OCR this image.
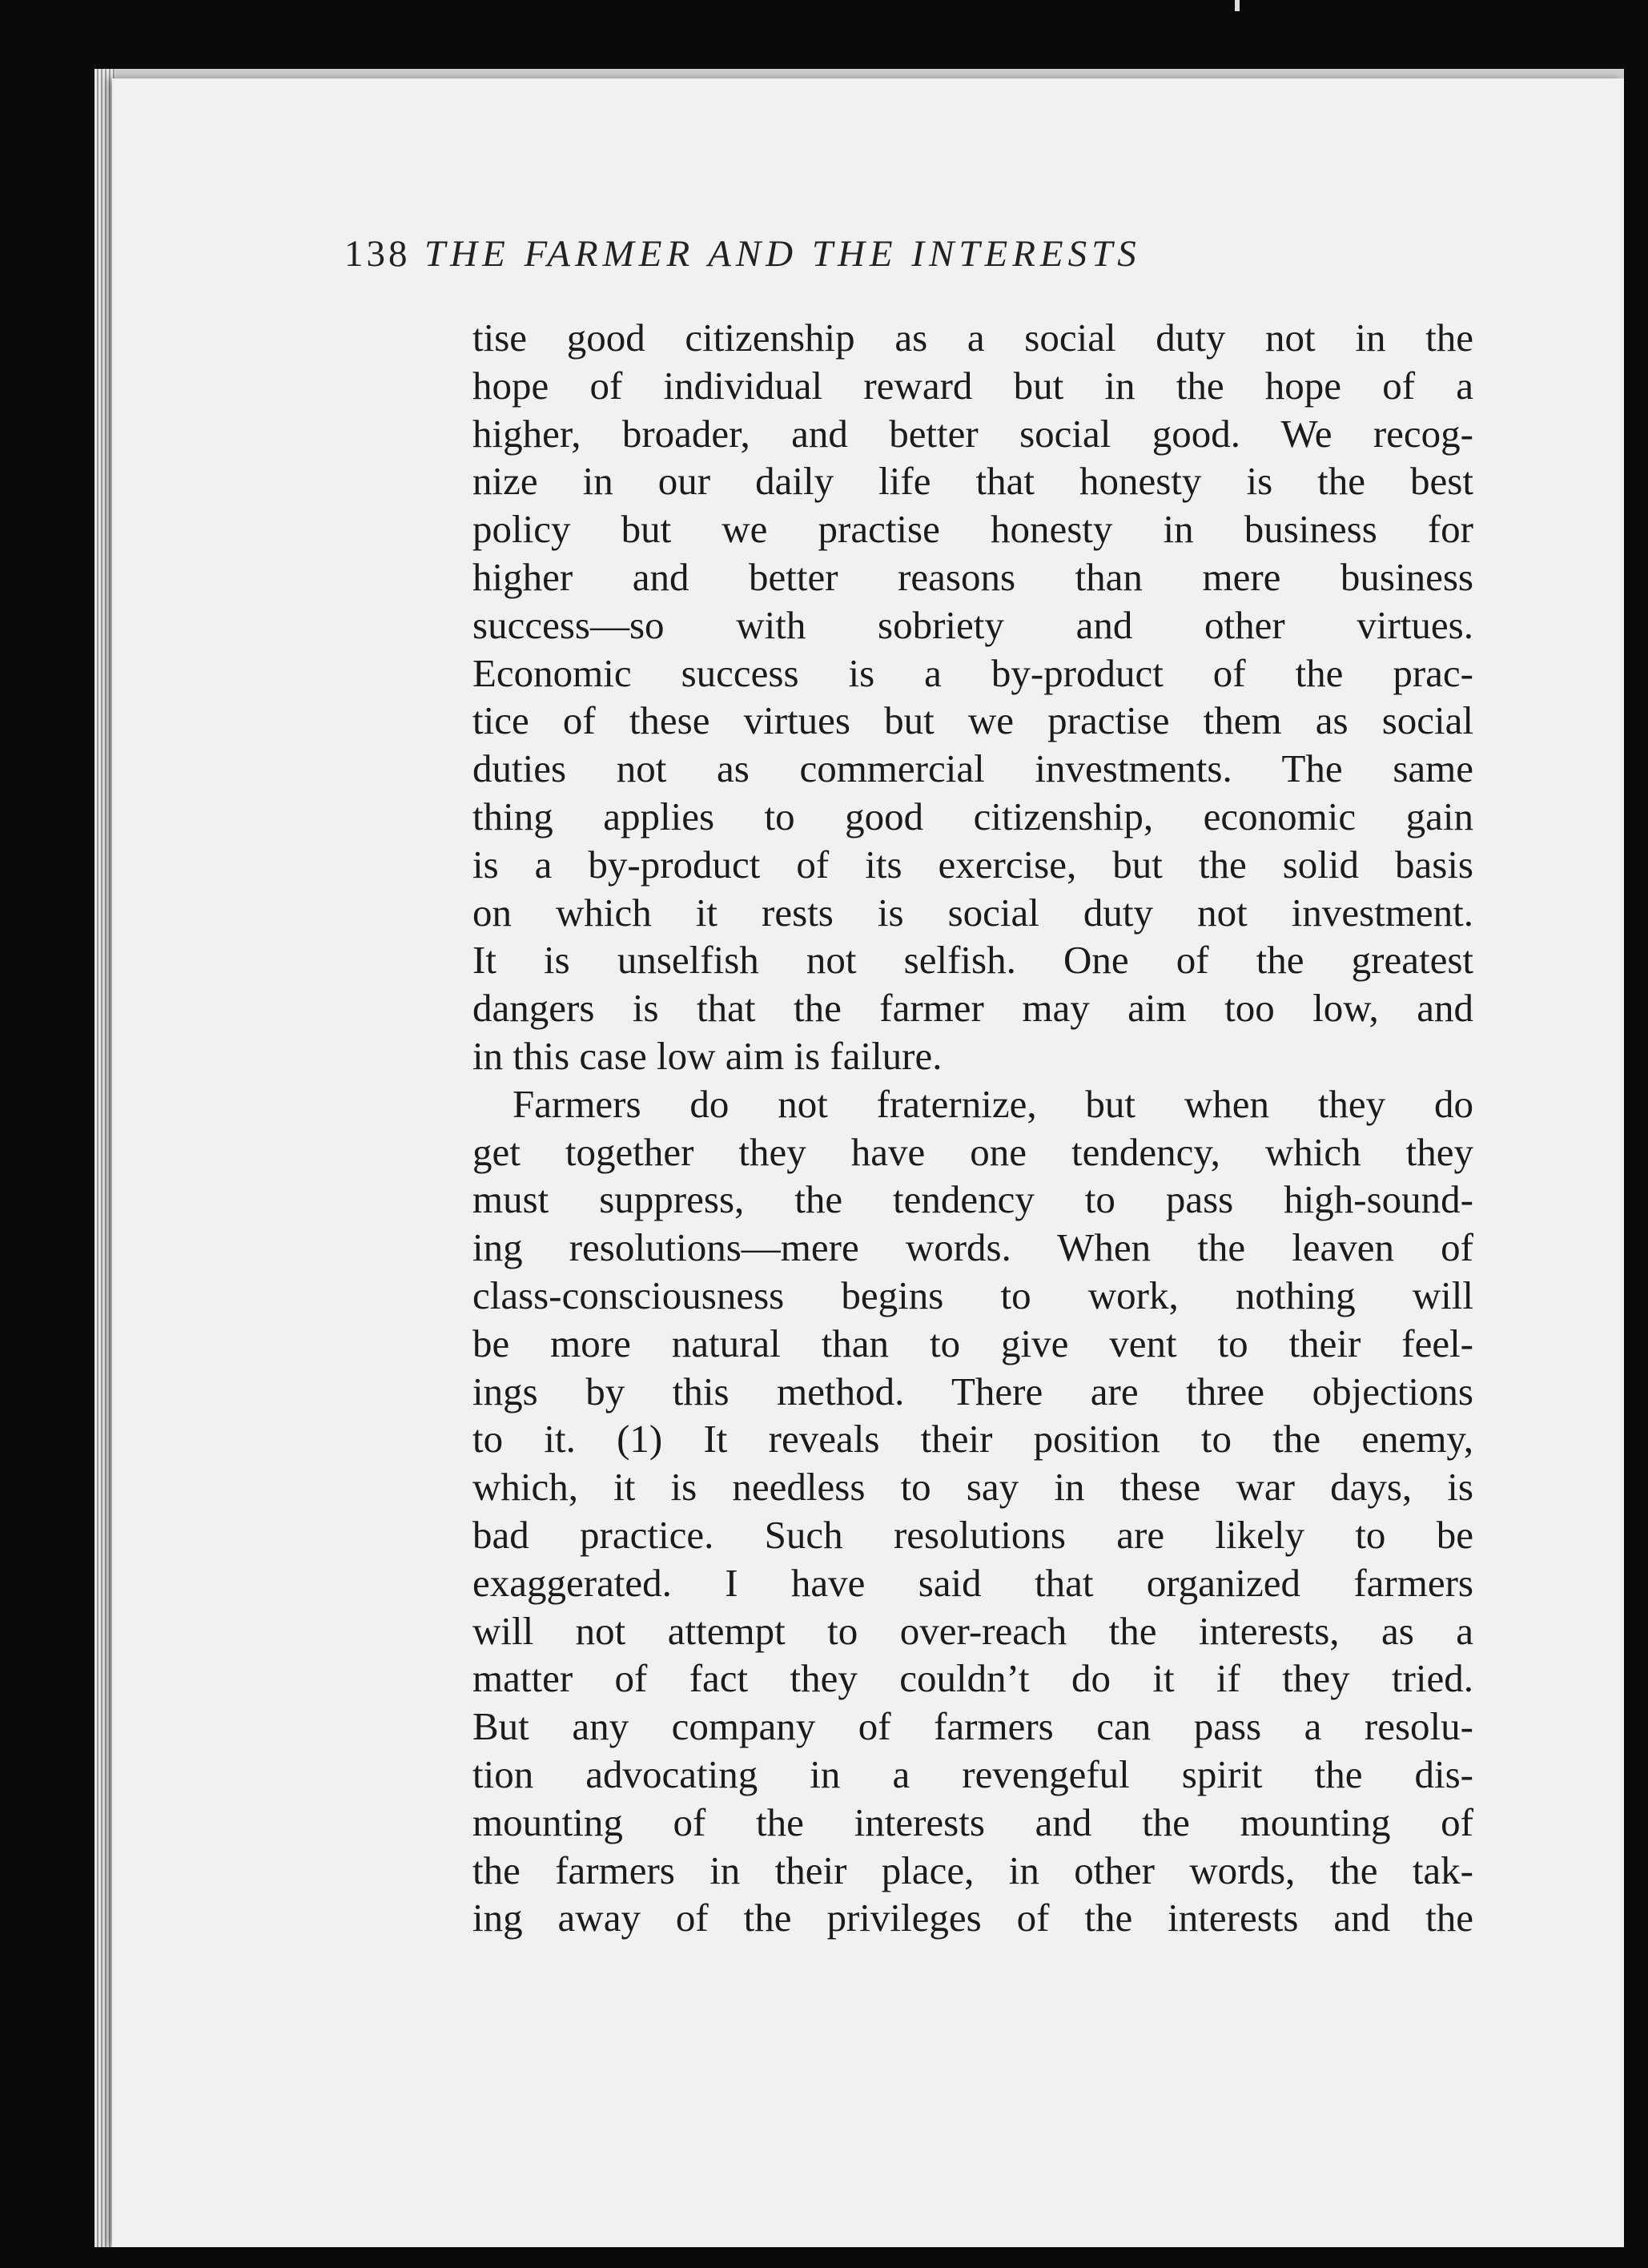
138 THE FARMER AND THE INTERESTS
tise good citizenship as a social duty not in the
hope of individual reward but in the hope of a
higher, broader, and better social good. We recog-
nize in our daily life that honesty is the best
policy but we practise honesty in business for
higher and better reasons than mere business
success—so with sobriety and other virtues.
Economic success is a by-product of the prac-
tice of these virtues but we practise them as social
duties not as commercial investments. The same
thing applies to good citizenship, economic gain
is a by-product of its exercise, but the solid basis
on which it rests is social duty not investment.
It is unselfish not selfish. One of the greatest
dangers is that the farmer may aim too low, and
in this case low aim is failure.
Farmers do not fraternize, but when they do
get together they have one tendency, which they
must suppress, the tendency to pass high-sound-
ing resolutions—mere words. When the leaven of
class-consciousness begins to work, nothing will
be more natural than to give vent to their feel-
ings by this method. There are three objections
to it. (1) It reveals their position to the enemy,
which, it is needless to say in these war days, is
bad practice. Such resolutions are likely to be
exaggerated. I have said that organized farmers
will not attempt to over-reach the interests, as a
matter of fact they couldn’t do it if they tried.
But any company of farmers can pass a resolu-
tion advocating in a revengeful spirit the dis-
mounting of the interests and the mounting of
the farmers in their place, in other words, the tak-
ing away of the privileges of the interests and the
